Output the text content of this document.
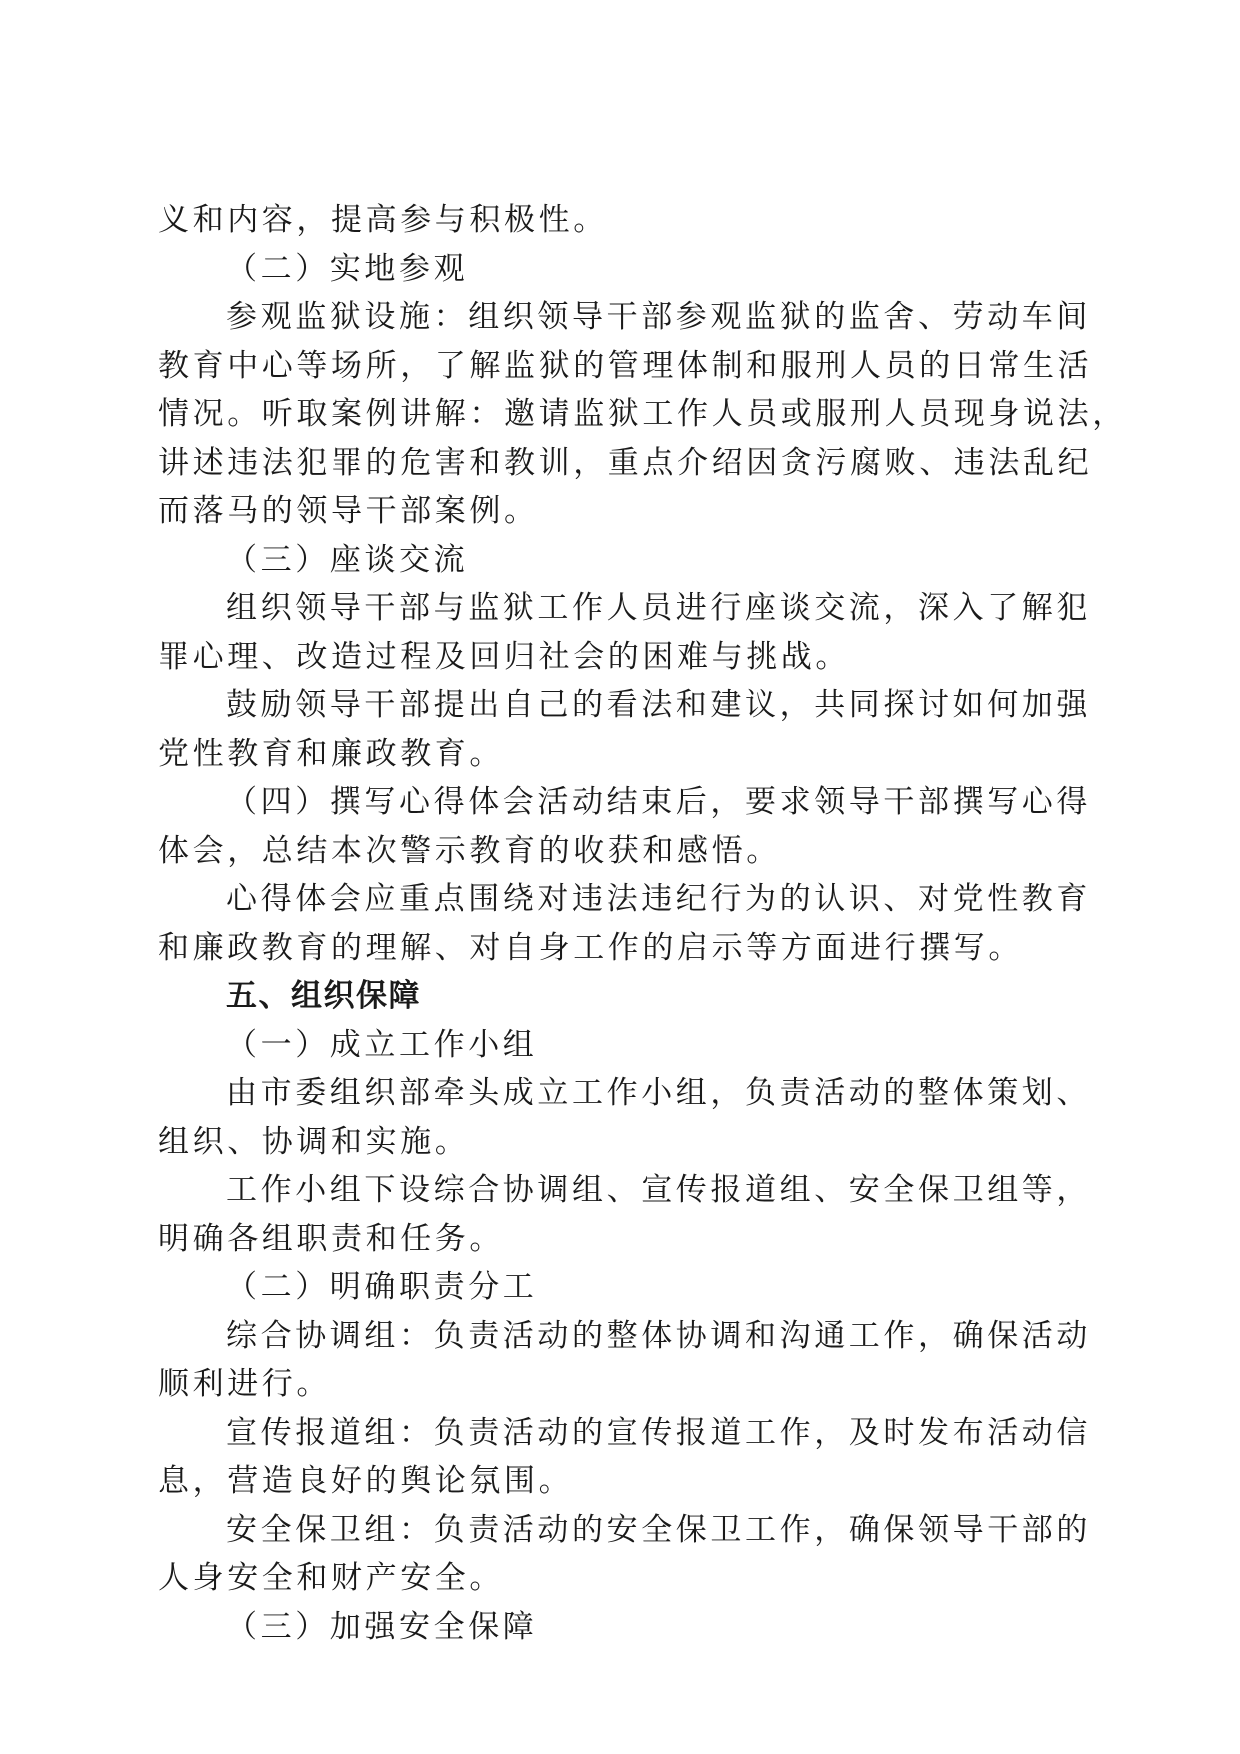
义和内容，提高参与积极性。
（二）实地参观
参观监狱设施：组织领导干部参观监狱的监舍、劳动车间
教育中心等场所，了解监狱的管理体制和服刑人员的日常生活
情况。听取案例讲解：邀请监狱工作人员或服刑人员现身说法，
讲述违法犯罪的危害和教训，重点介绍因贪污腐败、违法乱纪
而落马的领导干部案例。
（三）座谈交流
组织领导干部与监狱工作人员进行座谈交流，深入了解犯
罪心理、改造过程及回归社会的困难与挑战。
鼓励领导干部提出自己的看法和建议，共同探讨如何加强
党性教育和廉政教育。
（四）撰写心得体会活动结束后，要求领导干部撰写心得
体会，总结本次警示教育的收获和感悟。
心得体会应重点围绕对违法违纪行为的认识、对党性教育
和廉政教育的理解、对自身工作的启示等方面进行撰写。
五、组织保障
（一）成立工作小组
由市委组织部牵头成立工作小组，负责活动的整体策划、
组织、协调和实施。
工作小组下设综合协调组、宣传报道组、安全保卫组等，
明确各组职责和任务。
（二）明确职责分工
综合协调组：负责活动的整体协调和沟通工作，确保活动
顺利进行。
宣传报道组：负责活动的宣传报道工作，及时发布活动信
息，营造良好的舆论氛围。
安全保卫组：负责活动的安全保卫工作，确保领导干部的
人身安全和财产安全。
（三）加强安全保障
